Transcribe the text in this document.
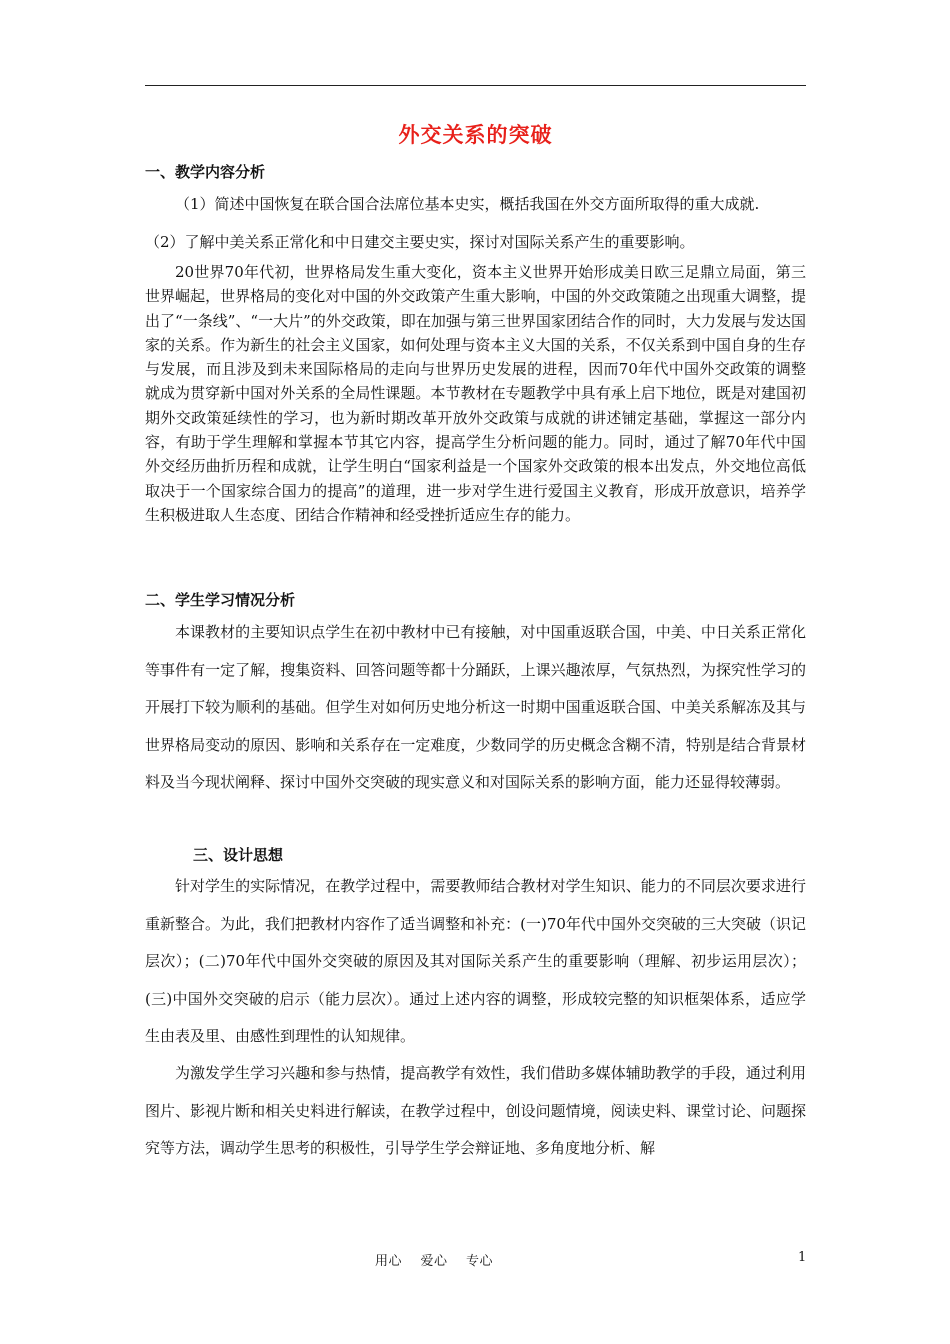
外交关系的突破
一、教学内容分析

（1）简述中国恢复在联合国合法席位基本史实，概括我国在外交方面所取得的重大成就.

（2）了解中美关系正常化和中日建交主要史实，探讨对国际关系产生的重要影响。

20世界70年代初，世界格局发生重大变化，资本主义世界开始形成美日欧三足鼎立局面，第三世界崛起，世界格局的变化对中国的外交政策产生重大影响，中国的外交政策随之出现重大调整，提出了“一条线”、“一大片”的外交政策，即在加强与第三世界国家团结合作的同时，大力发展与发达国家的关系。作为新生的社会主义国家，如何处理与资本主义大国的关系，不仅关系到中国自身的生存与发展，而且涉及到未来国际格局的走向与世界历史发展的进程，因而70年代中国外交政策的调整就成为贯穿新中国对外关系的全局性课题。本节教材在专题教学中具有承上启下地位，既是对建国初期外交政策延续性的学习，也为新时期改革开放外交政策与成就的讲述铺定基础，掌握这一部分内容，有助于学生理解和掌握本节其它内容，提高学生分析问题的能力。同时，通过了解70年代中国外交经历曲折历程和成就，让学生明白“国家利益是一个国家外交政策的根本出发点，外交地位高低取决于一个国家综合国力的提高”的道理，进一步对学生进行爱国主义教育，形成开放意识，培养学生积极进取人生态度、团结合作精神和经受挫折适应生存的能力。

二、学生学习情况分析

本课教材的主要知识点学生在初中教材中已有接触，对中国重返联合国，中美、中日关系正常化等事件有一定了解，搜集资料、回答问题等都十分踊跃，上课兴趣浓厚，气氛热烈，为探究性学习的开展打下较为顺利的基础。但学生对如何历史地分析这一时期中国重返联合国、中美关系解冻及其与世界格局变动的原因、影响和关系存在一定难度，少数同学的历史概念含糊不清，特别是结合背景材料及当今现状阐释、探讨中国外交突破的现实意义和对国际关系的影响方面，能力还显得较薄弱。

三、设计思想

针对学生的实际情况，在教学过程中，需要教师结合教材对学生知识、能力的不同层次要求进行重新整合。为此，我们把教材内容作了适当调整和补充：(一)70年代中国外交突破的三大突破（识记层次）；(二)70年代中国外交突破的原因及其对国际关系产生的重要影响（理解、初步运用层次）；(三)中国外交突破的启示（能力层次）。通过上述内容的调整，形成较完整的知识框架体系，适应学生由表及里、由感性到理性的认知规律。

为激发学生学习兴趣和参与热情，提高教学有效性，我们借助多媒体辅助教学的手段，通过利用图片、影视片断和相关史料进行解读，在教学过程中，创设问题情境，阅读史料、课堂讨论、问题探究等方法，调动学生思考的积极性，引导学生学会辩证地、多角度地分析、解

用心    爱心    专心	1
